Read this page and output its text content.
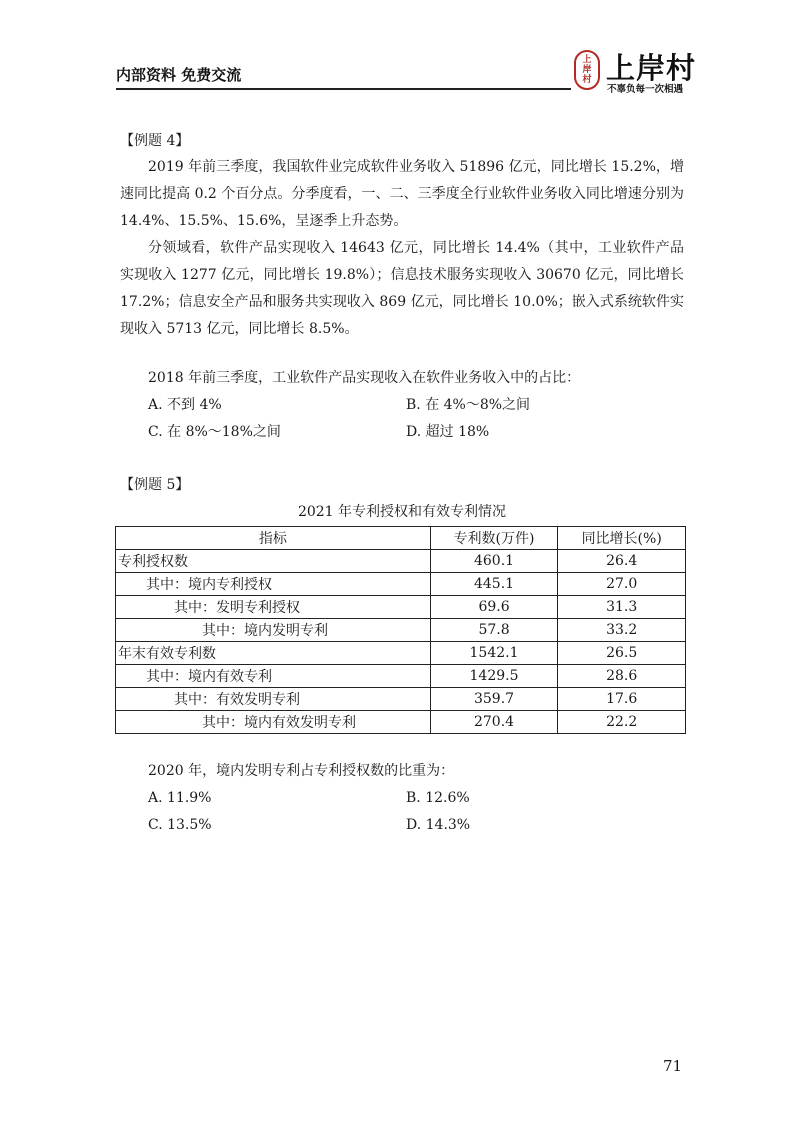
内部资料 免费交流
上
岸
村 上岸村
不辜负每一次相遇

【例题 4】

2019 年前三季度，我国软件业完成软件业务收入 51896 亿元，同比增长 15.2%，增速同比提高 0.2 个百分点。分季度看，一、二、三季度全行业软件业务收入同比增速分别为 14.4%、15.5%、15.6%，呈逐季上升态势。

分领域看，软件产品实现收入 14643 亿元，同比增长 14.4%（其中，工业软件产品实现收入 1277 亿元，同比增长 19.8%）；信息技术服务实现收入 30670 亿元，同比增长 17.2%；信息安全产品和服务共实现收入 869 亿元，同比增长 10.0%；嵌入式系统软件实现收入 5713 亿元，同比增长 8.5%。

2018 年前三季度，工业软件产品实现收入在软件业务收入中的占比：

A. 不到 4%	B. 在 4%～8%之间
C. 在 8%～18%之间	D. 超过 18%

【例题 5】

2021 年专利授权和有效专利情况
指标	专利数(万件)	同比增长(%)
专利授权数	460.1	26.4
其中：境内专利授权	445.1	27.0
其中：发明专利授权	69.6	31.3
其中：境内发明专利	57.8	33.2
年末有效专利数	1542.1	26.5
其中：境内有效专利	1429.5	28.6
其中：有效发明专利	359.7	17.6
其中：境内有效发明专利	270.4	22.2

2020 年，境内发明专利占专利授权数的比重为：

A. 11.9%	B. 12.6%
C. 13.5%	D. 14.3%
71
